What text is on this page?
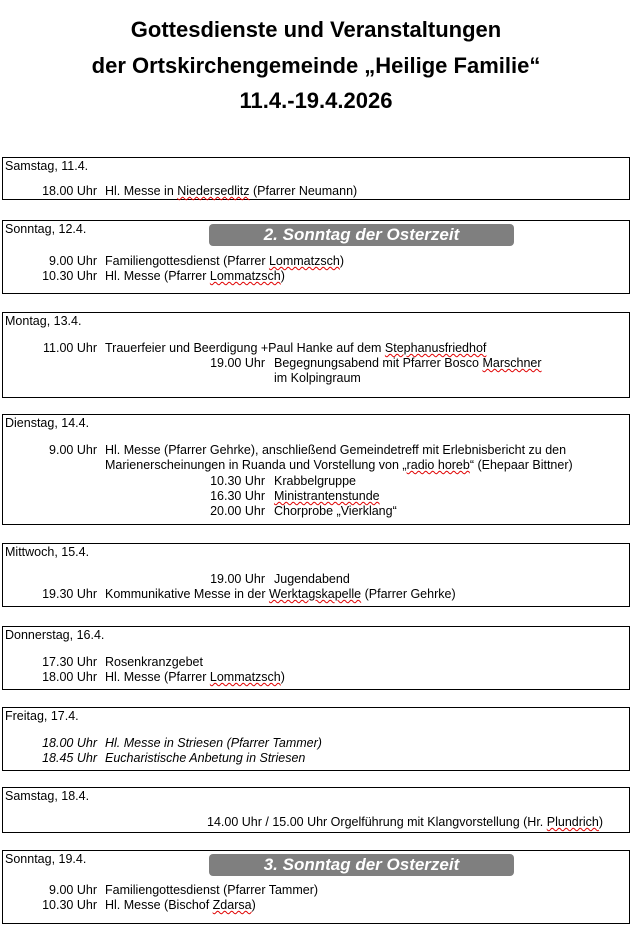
Gottesdienste und Veranstaltungen
der Ortskirchengemeinde „Heilige Familie“
11.4.-19.4.2026
Samstag, 11.4.
18.00 Uhr Hl. Messe in Niedersedlitz (Pfarrer Neumann)
Sonntag, 12.4.	2. Sonntag der Osterzeit
9.00 Uhr Familiengottesdienst (Pfarrer Lommatzsch)
10.30 Uhr Hl. Messe (Pfarrer Lommatzsch)
Montag, 13.4.
11.00 Uhr Trauerfeier und Beerdigung +Paul Hanke auf dem Stephanusfriedhof
19.00 Uhr Begegnungsabend mit Pfarrer Bosco Marschner
im Kolpingraum
Dienstag, 14.4.
9.00 Uhr Hl. Messe (Pfarrer Gehrke), anschließend Gemeindetreff mit Erlebnisbericht zu den
Marienerscheinungen in Ruanda und Vorstellung von „radio horeb“ (Ehepaar Bittner)
10.30 Uhr Krabbelgruppe
16.30 Uhr Ministrantenstunde
20.00 Uhr Chorprobe „Vierklang“
Mittwoch, 15.4.
19.00 Uhr Jugendabend
19.30 Uhr Kommunikative Messe in der Werktagskapelle (Pfarrer Gehrke)
Donnerstag, 16.4.
17.30 Uhr Rosenkranzgebet
18.00 Uhr Hl. Messe (Pfarrer Lommatzsch)
Freitag, 17.4.
18.00 Uhr Hl. Messe in Striesen (Pfarrer Tammer)
18.45 Uhr Eucharistische Anbetung in Striesen
Samstag, 18.4.
14.00 Uhr / 15.00 Uhr Orgelführung mit Klangvorstellung (Hr. Plundrich)
Sonntag, 19.4.	3. Sonntag der Osterzeit
9.00 Uhr Familiengottesdienst (Pfarrer Tammer)
10.30 Uhr Hl. Messe (Bischof Zdarsa)
